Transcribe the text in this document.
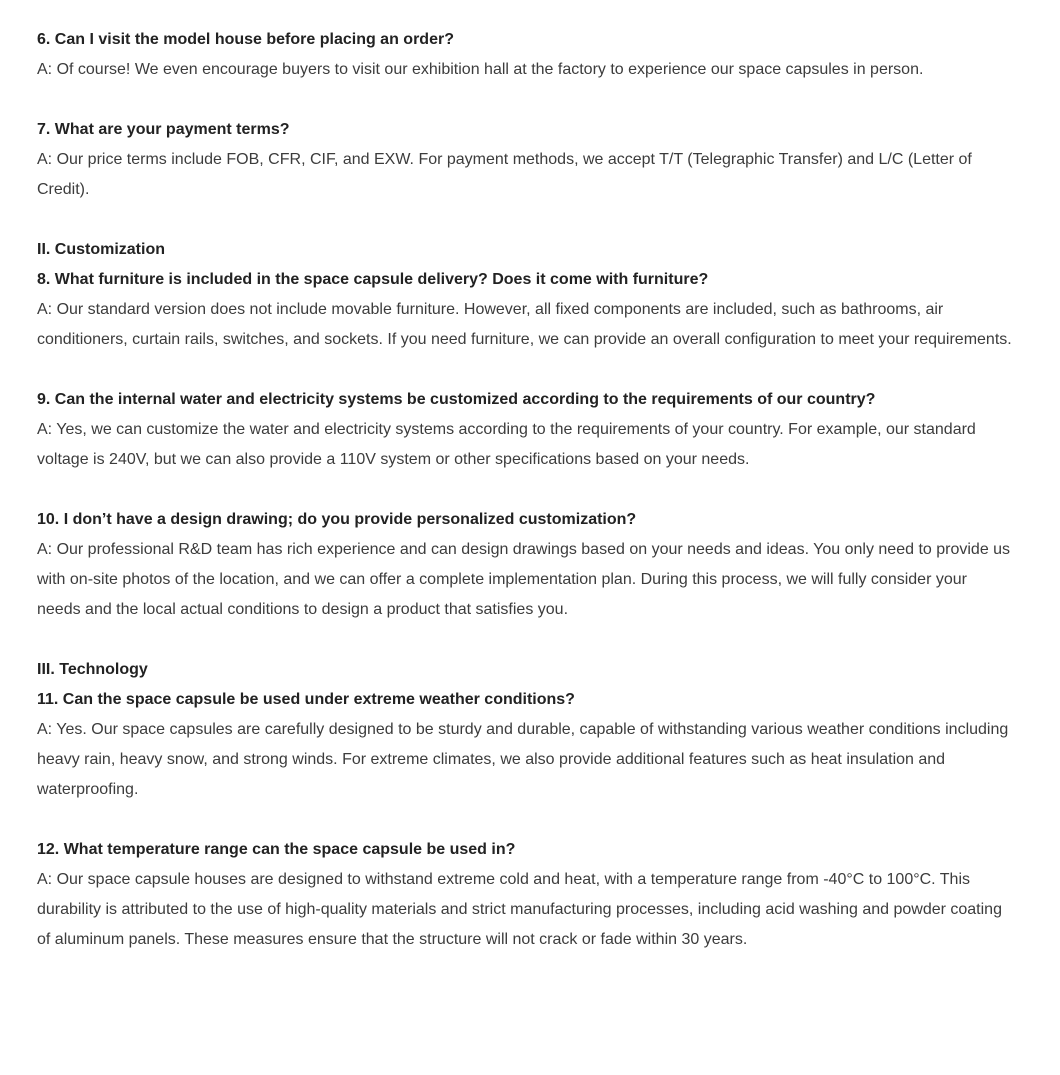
6. Can I visit the model house before placing an order?

A: Of course! We even encourage buyers to visit our exhibition hall at the factory to experience our space capsules in person.

7. What are your payment terms?

A: Our price terms include FOB, CFR, CIF, and EXW. For payment methods, we accept T/T (Telegraphic Transfer) and L/C (Letter of Credit).

II. Customization
8. What furniture is included in the space capsule delivery? Does it come with furniture?

A: Our standard version does not include movable furniture. However, all fixed components are included, such as bathrooms, air conditioners, curtain rails, switches, and sockets. If you need furniture, we can provide an overall configuration to meet your requirements.

9. Can the internal water and electricity systems be customized according to the requirements of our country?

A: Yes, we can customize the water and electricity systems according to the requirements of your country. For example, our standard voltage is 240V, but we can also provide a 110V system or other specifications based on your needs.

10. I don’t have a design drawing; do you provide personalized customization?

A: Our professional R&D team has rich experience and can design drawings based on your needs and ideas. You only need to provide us with on-site photos of the location, and we can offer a complete implementation plan. During this process, we will fully consider your needs and the local actual conditions to design a product that satisfies you.

III. Technology
11. Can the space capsule be used under extreme weather conditions?

A: Yes. Our space capsules are carefully designed to be sturdy and durable, capable of withstanding various weather conditions including heavy rain, heavy snow, and strong winds. For extreme climates, we also provide additional features such as heat insulation and waterproofing.

12. What temperature range can the space capsule be used in?

A: Our space capsule houses are designed to withstand extreme cold and heat, with a temperature range from -40°C to 100°C. This durability is attributed to the use of high-quality materials and strict manufacturing processes, including acid washing and powder coating of aluminum panels. These measures ensure that the structure will not crack or fade within 30 years.
